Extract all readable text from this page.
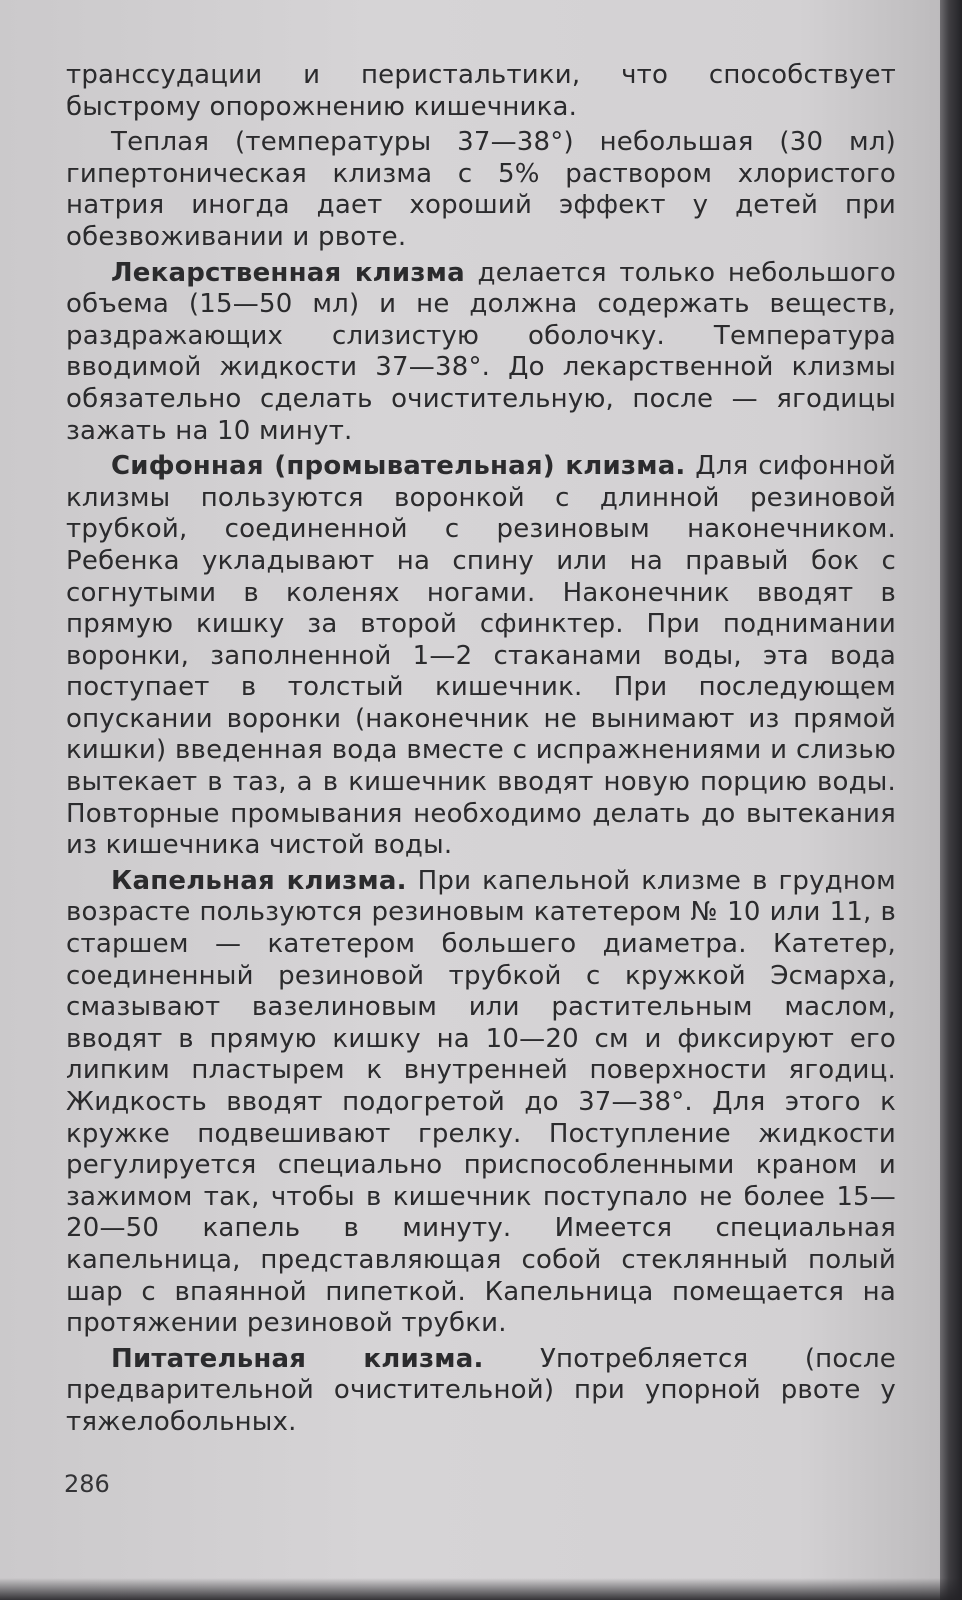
транссудации и перистальтики, что способствует быстрому опорожнению кишечника.

Теплая (температуры 37—38°) небольшая (30 мл) гипертоническая клизма с 5% раствором хлористого натрия иногда дает хороший эффект у детей при обезвоживании и рвоте.

Лекарственная клизма делается только небольшого объема (15—50 мл) и не должна содержать веществ, раздражающих слизистую оболочку. Температура вводимой жидкости 37—38°. До лекарственной клизмы обязательно сделать очистительную, после — ягодицы зажать на 10 минут.

Сифонная (промывательная) клизма. Для сифонной клизмы пользуются воронкой с длинной резиновой трубкой, соединенной с резиновым наконечником. Ребенка укладывают на спину или на правый бок с согнутыми в коленях ногами. Наконечник вводят в прямую кишку за второй сфинктер. При поднимании воронки, заполненной 1—2 стаканами воды, эта вода поступает в толстый кишечник. При последующем опускании воронки (наконечник не вынимают из прямой кишки) введенная вода вместе с испражнениями и слизью вытекает в таз, а в кишечник вводят новую порцию воды. Повторные промывания необходимо делать до вытекания из кишечника чистой воды.

Капельная клизма. При капельной клизме в грудном возрасте пользуются резиновым катетером № 10 или 11, в старшем — катетером большего диаметра. Катетер, соединенный резиновой трубкой с кружкой Эсмарха, смазывают вазелиновым или растительным маслом, вводят в прямую кишку на 10—20 см и фиксируют его липким пластырем к внутренней поверхности ягодиц. Жидкость вводят подогретой до 37—38°. Для этого к кружке подвешивают грелку. Поступление жидкости регулируется специально приспособленными краном и зажимом так, чтобы в кишечник поступало не более 15—20—50 капель в минуту. Имеется специальная капельница, представляющая собой стеклянный полый шар с впаянной пипеткой. Капельница помещается на протяжении резиновой трубки.

Питательная клизма. Употребляется (после предварительной очистительной) при упорной рвоте у тяжелобольных.

286
